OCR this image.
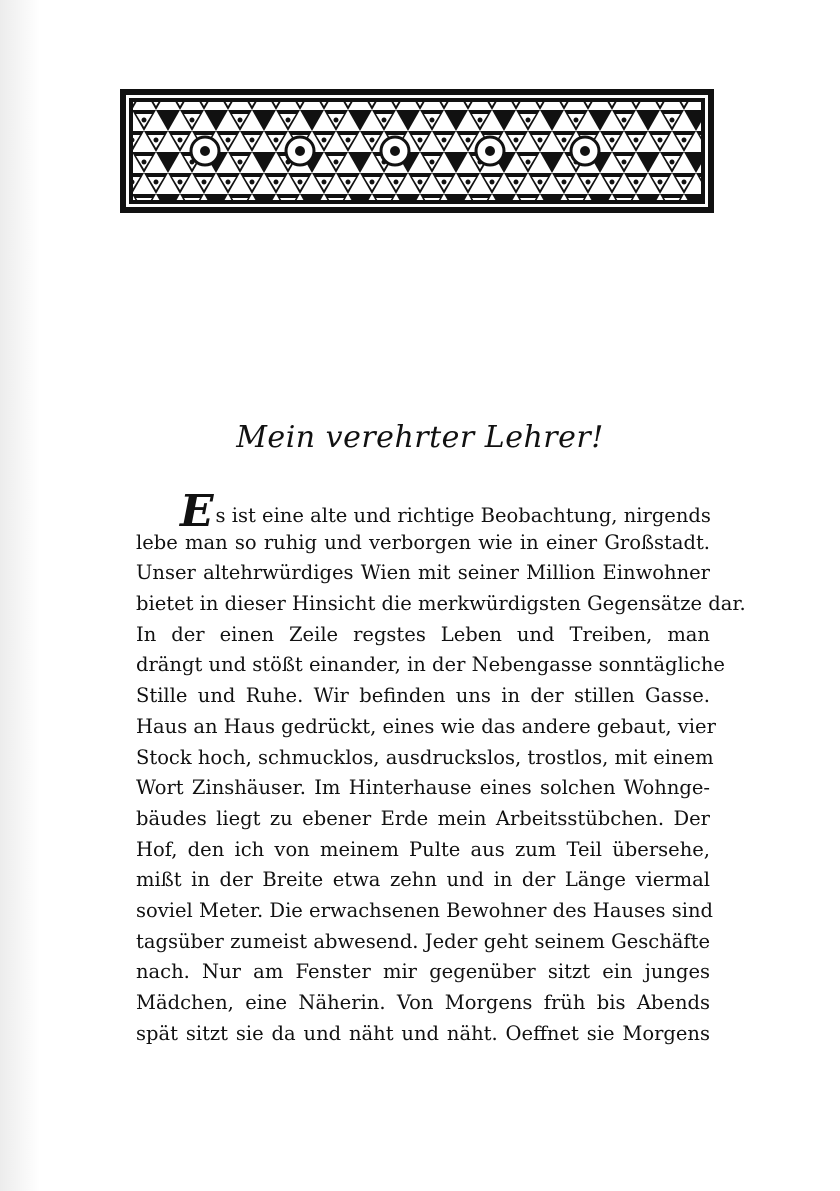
Mein verehrter Lehrer!
Es ist eine alte und richtige Beobachtung, nirgends
lebe man so ruhig und verborgen wie in einer Großstadt.
Unser altehrwürdiges Wien mit seiner Million Einwohner
bietet in dieser Hinsicht die merkwürdigsten Gegensätze dar.
In der einen Zeile regstes Leben und Treiben, man
drängt und stößt einander, in der Nebengasse sonntägliche
Stille und Ruhe. Wir befinden uns in der stillen Gasse.
Haus an Haus gedrückt, eines wie das andere gebaut, vier
Stock hoch, schmucklos, ausdruckslos, trostlos, mit einem
Wort Zinshäuser. Im Hinterhause eines solchen Wohnge-
bäudes liegt zu ebener Erde mein Arbeitsstübchen. Der
Hof, den ich von meinem Pulte aus zum Teil übersehe,
mißt in der Breite etwa zehn und in der Länge viermal
soviel Meter. Die erwachsenen Bewohner des Hauses sind
tagsüber zumeist abwesend. Jeder geht seinem Geschäfte
nach. Nur am Fenster mir gegenüber sitzt ein junges
Mädchen, eine Näherin. Von Morgens früh bis Abends
spät sitzt sie da und näht und näht. Oeffnet sie Morgens
